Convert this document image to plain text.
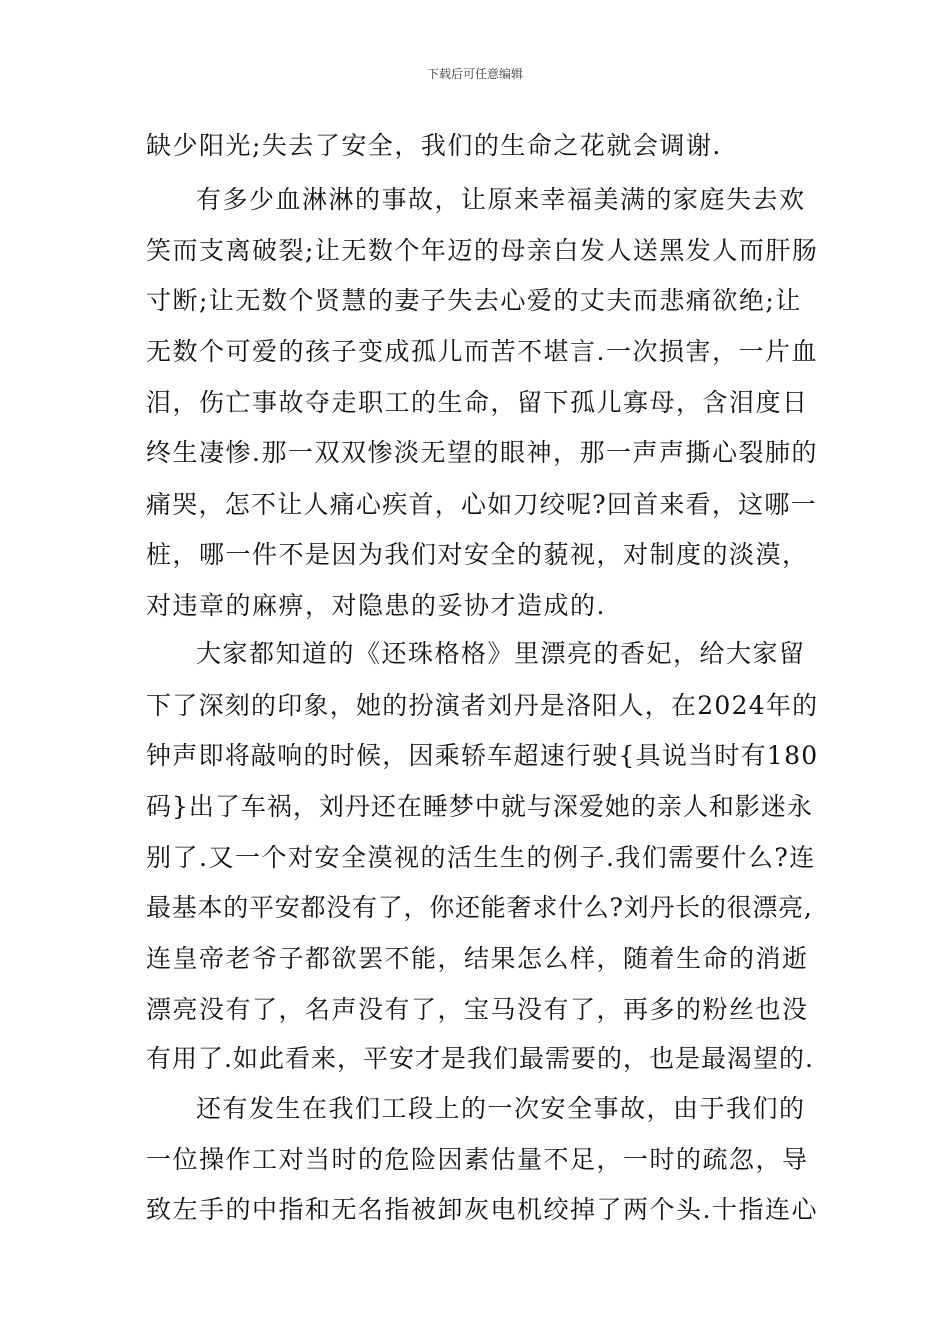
下载后可任意编辑
缺少阳光;失去了安全，我们的生命之花就会调谢.
有多少血淋淋的事故，让原来幸福美满的家庭失去欢
笑而支离破裂;让无数个年迈的母亲白发人送黑发人而肝肠
寸断;让无数个贤慧的妻子失去心爱的丈夫而悲痛欲绝;让
无数个可爱的孩子变成孤儿而苦不堪言.一次损害，一片血
泪，伤亡事故夺走职工的生命，留下孤儿寡母，含泪度日
终生凄惨.那一双双惨淡无望的眼神，那一声声撕心裂肺的
痛哭，怎不让人痛心疾首，心如刀绞呢?回首来看，这哪一
桩，哪一件不是因为我们对安全的藐视，对制度的淡漠，
对违章的麻痹，对隐患的妥协才造成的.
大家都知道的《还珠格格》里漂亮的香妃，给大家留
下了深刻的印象，她的扮演者刘丹是洛阳人，在2024年的
钟声即将敲响的时候，因乘轿车超速行驶{具说当时有180
码}出了车祸，刘丹还在睡梦中就与深爱她的亲人和影迷永
别了.又一个对安全漠视的活生生的例子.我们需要什么?连
最基本的平安都没有了，你还能奢求什么?刘丹长的很漂亮,
连皇帝老爷子都欲罢不能，结果怎么样，随着生命的消逝
漂亮没有了，名声没有了，宝马没有了，再多的粉丝也没
有用了.如此看来，平安才是我们最需要的，也是最渴望的.
还有发生在我们工段上的一次安全事故，由于我们的
一位操作工对当时的危险因素估量不足，一时的疏忽，导
致左手的中指和无名指被卸灰电机绞掉了两个头.十指连心
